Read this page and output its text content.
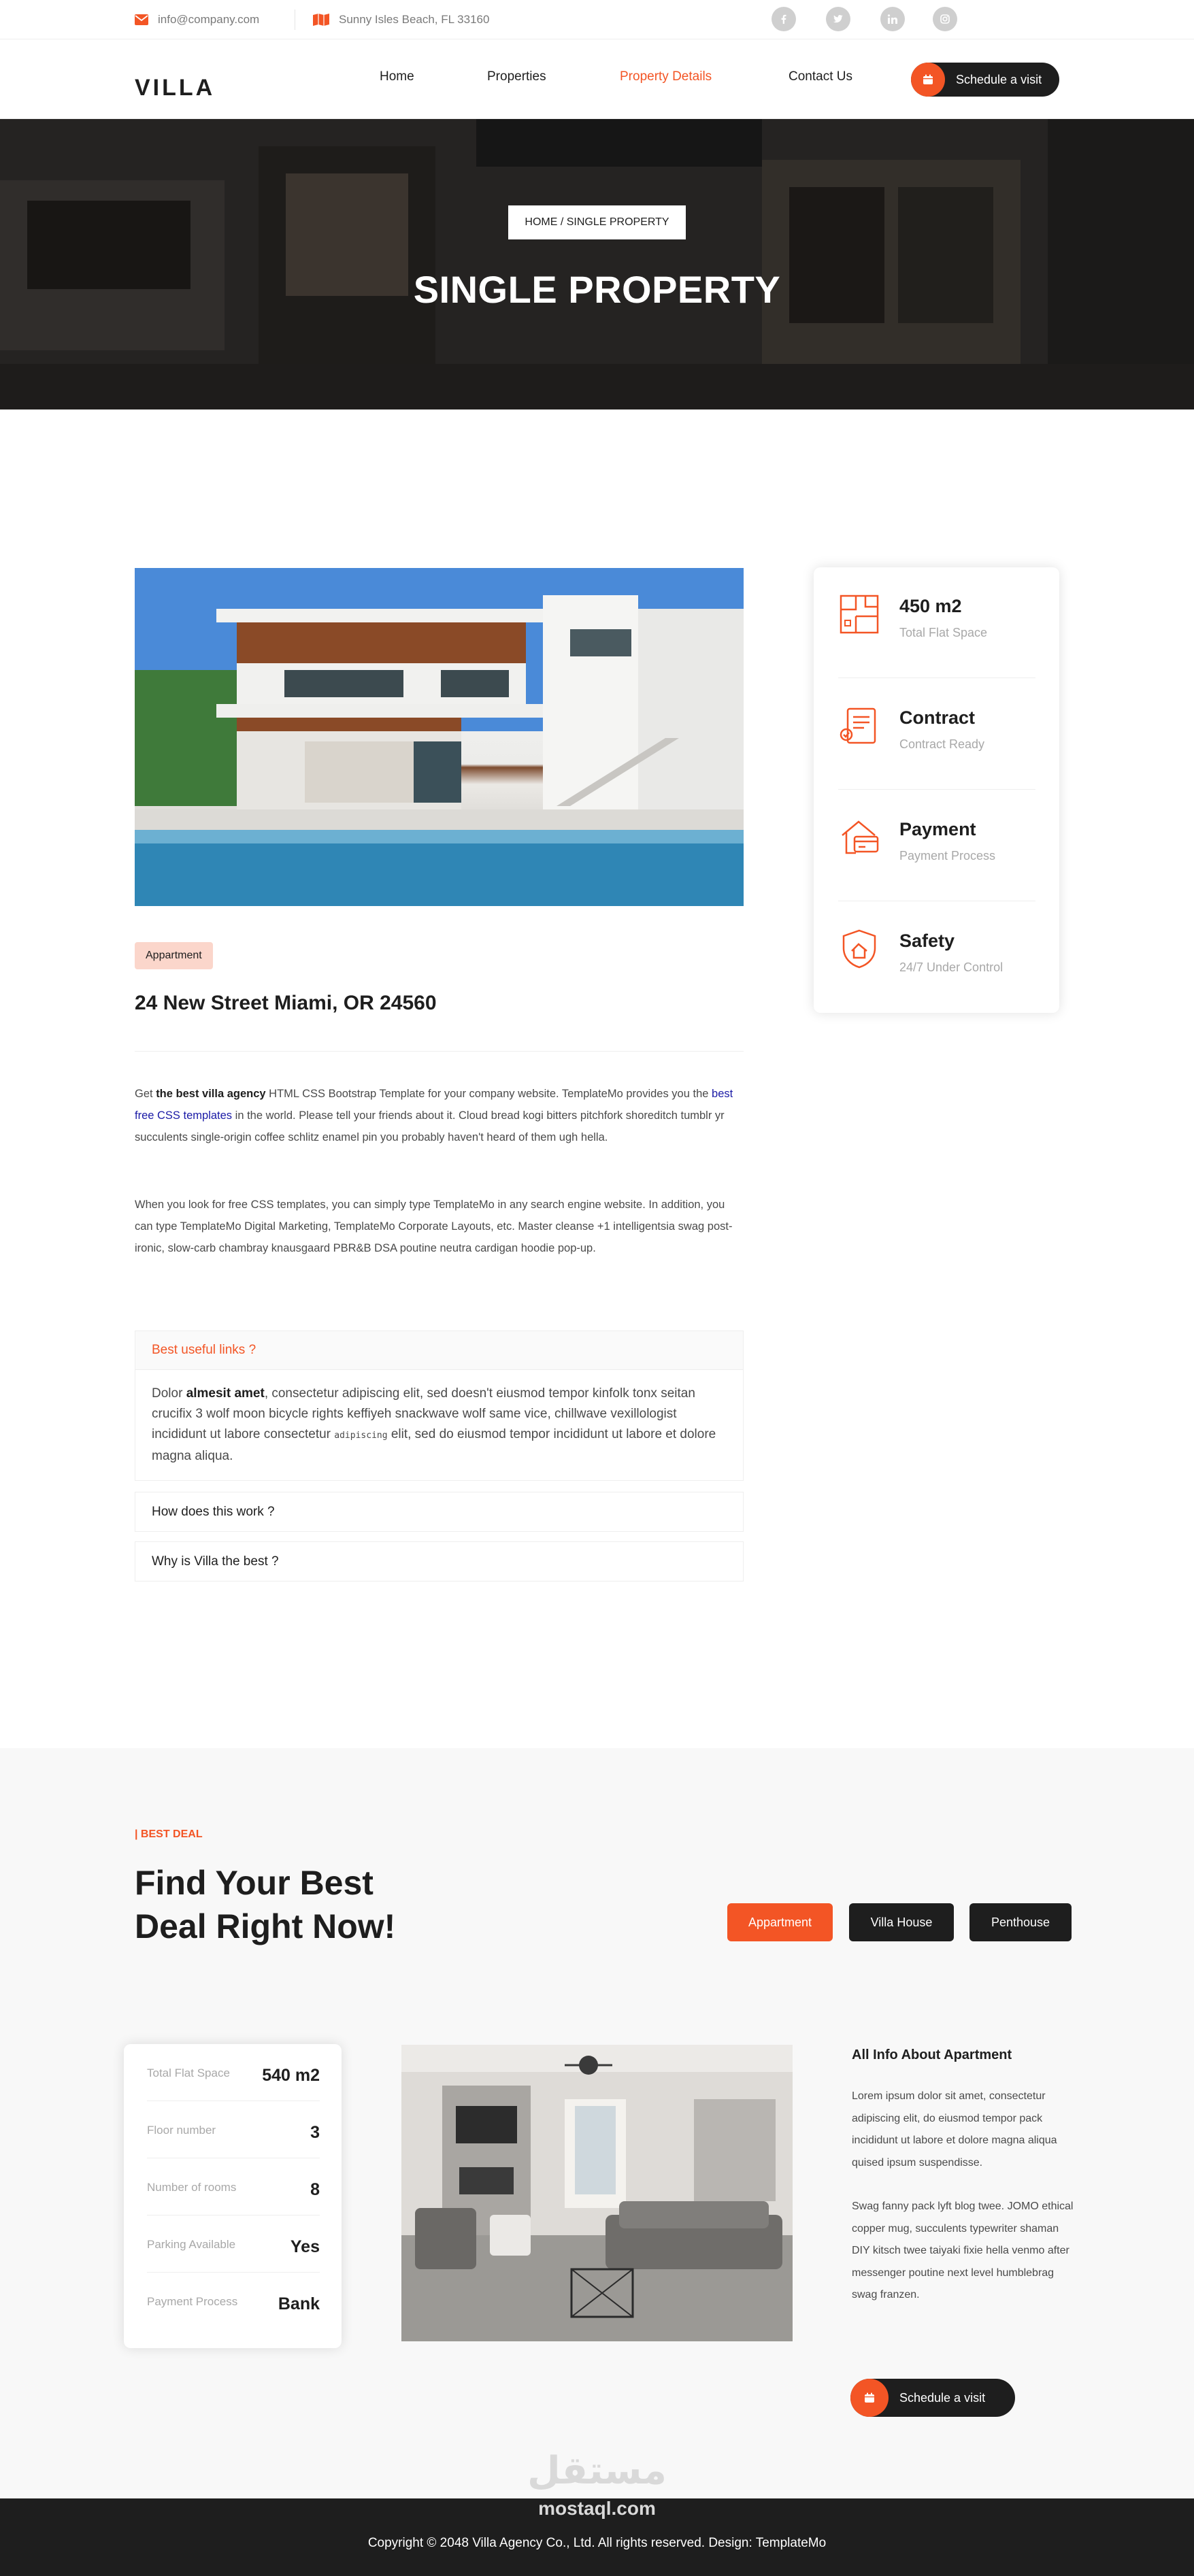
info@company.com	Sunny Isles Beach, FL 33160
VILLA	Home	Properties	Property Details	Contact Us	Schedule a visit
HOME / SINGLE PROPERTY
SINGLE PROPERTY
Appartment
24 New Street Miami, OR 24560
Get the best villa agency HTML CSS Bootstrap Template for your company website. TemplateMo provides you the best free CSS templates in the world. Please tell your friends about it. Cloud bread kogi bitters pitchfork shoreditch tumblr yr succulents single-origin coffee schlitz enamel pin you probably haven't heard of them ugh hella.
When you look for free CSS templates, you can simply type TemplateMo in any search engine website. In addition, you can type TemplateMo Digital Marketing, TemplateMo Corporate Layouts, etc. Master cleanse +1 intelligentsia swag post-ironic, slow-carb chambray knausgaard PBR&B DSA poutine neutra cardigan hoodie pop-up.
Best useful links ?
Dolor almesit amet, consectetur adipiscing elit, sed doesn't eiusmod tempor kinfolk tonx seitan crucifix 3 wolf moon bicycle rights keffiyeh snackwave wolf same vice, chillwave vexillologist incididunt ut labore consectetur adipiscing elit, sed do eiusmod tempor incididunt ut labore et dolore magna aliqua.
How does this work ?
Why is Villa the best ?
450 m2
Total Flat Space
Contract
Contract Ready
Payment
Payment Process
Safety
24/7 Under Control
| BEST DEAL
Find Your Best
Deal Right Now!	Appartment	Villa House	Penthouse
Total Flat Space 540 m2
Floor number	3
Number of rooms	8
Parking Available	Yes
Payment Process Bank
All Info About Apartment
Lorem ipsum dolor sit amet, consectetur adipiscing elit, do eiusmod tempor pack incididunt ut labore et dolore magna aliqua quised ipsum suspendisse.
Swag fanny pack lyft blog twee. JOMO ethical copper mug, succulents typewriter shaman DIY kitsch twee taiyaki fixie hella venmo after messenger poutine next level humblebrag swag franzen.
Schedule a visit
مستقل
mostaql.com
Copyright © 2048 Villa Agency Co., Ltd. All rights reserved. Design: TemplateMo
